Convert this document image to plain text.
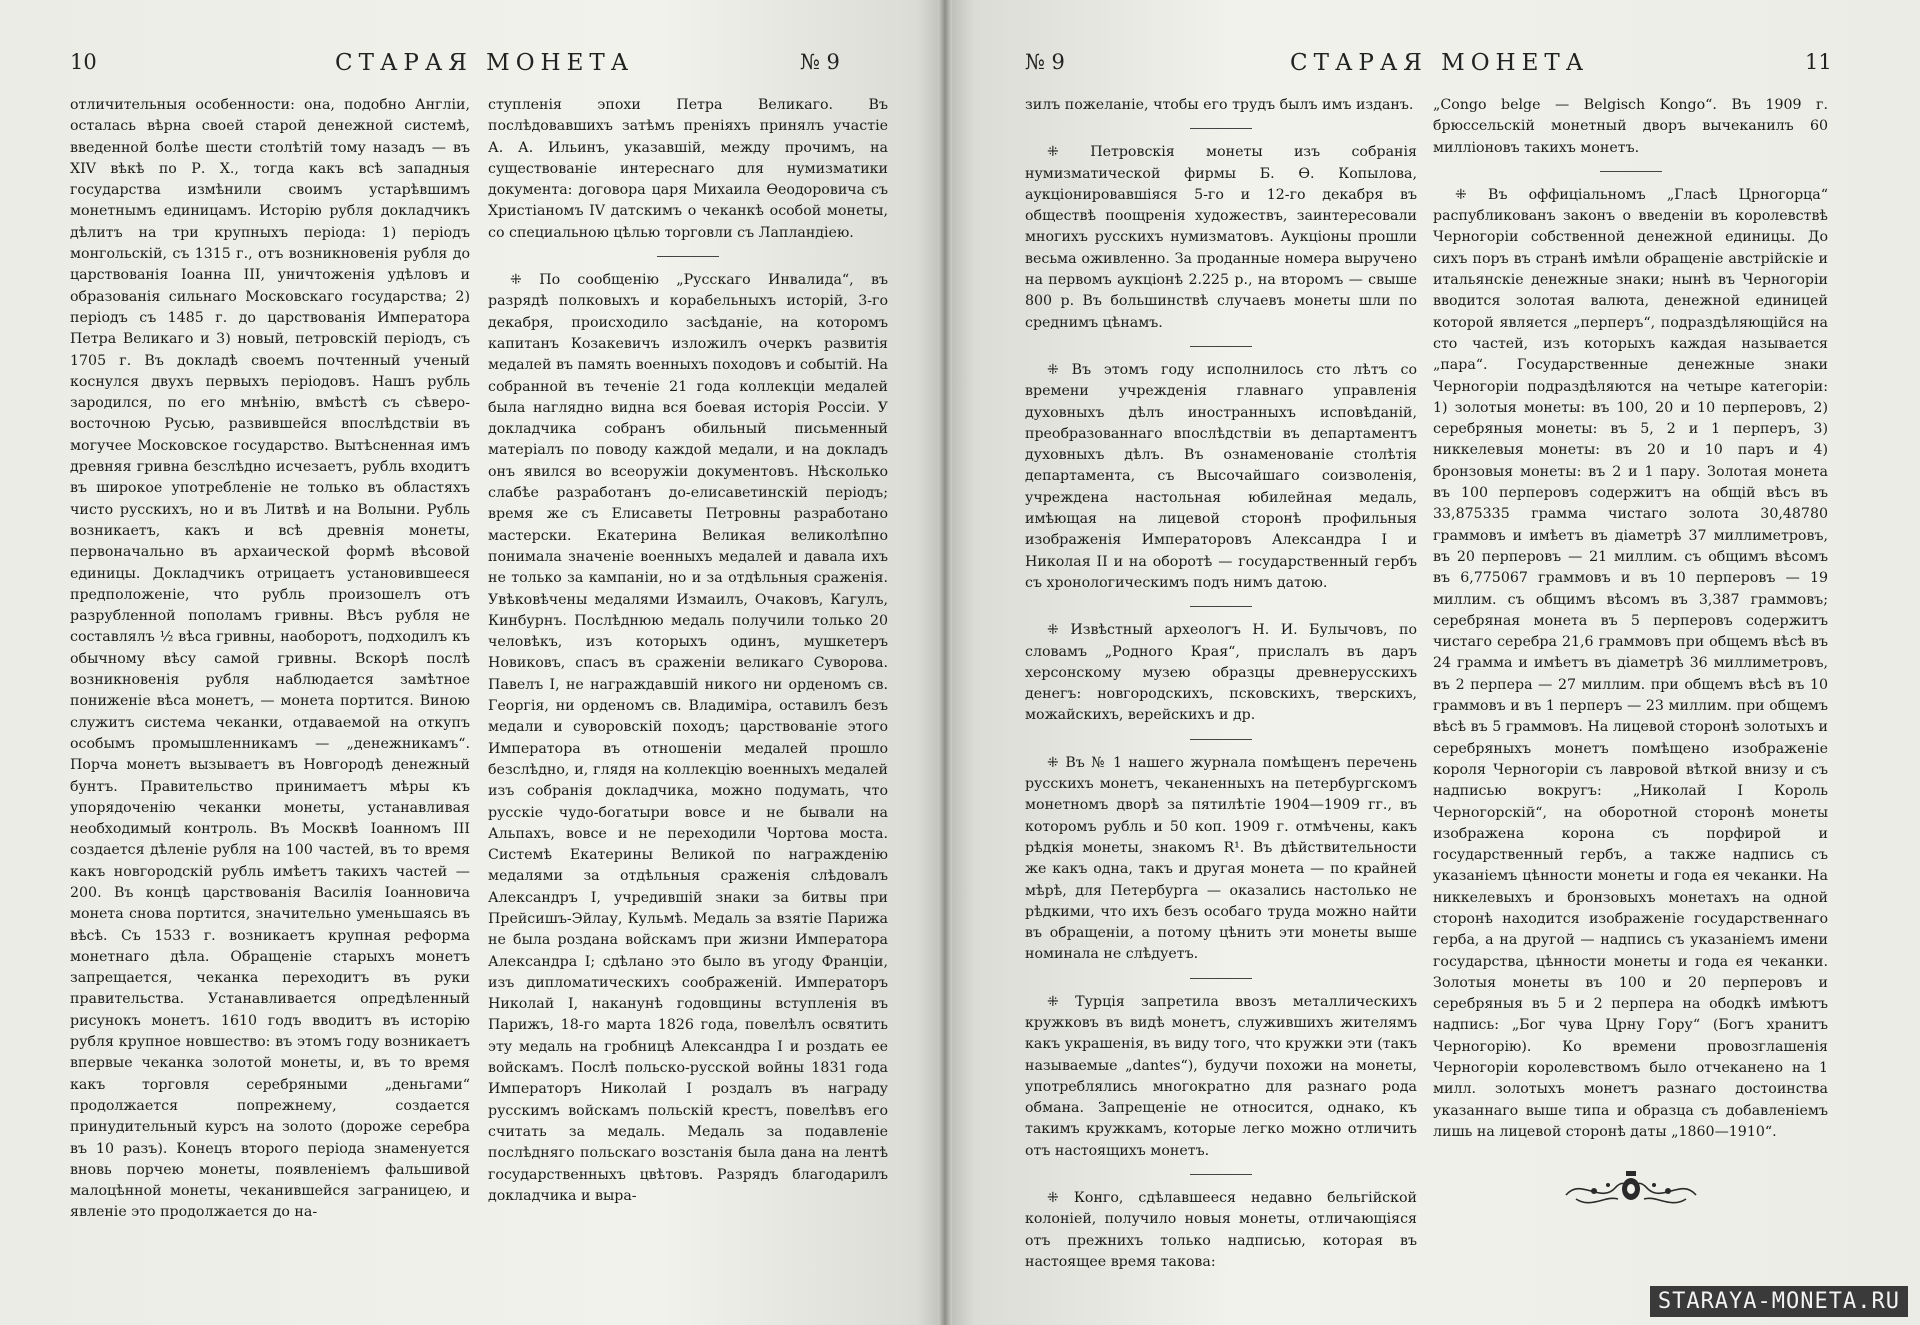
10	СТАРАЯ МОНЕТА	№ 9	№ 9	СТАРАЯ МОНЕТА	11

отличительныя особенности: она, подобно Англіи, осталась вѣрна своей старой денежной системѣ, введенной болѣе шести столѣтій тому назадъ — въ XIV вѣкѣ по Р. Х., тогда какъ всѣ западныя государства измѣнили своимъ устарѣвшимъ монетнымъ единицамъ. Исторію рубля докладчикъ дѣлитъ на три крупныхъ періода: 1) періодъ монгольскій, съ 1315 г., отъ возникновенія рубля до царствованія Іоанна III, уничтоженія удѣловъ и образованія сильнаго Московскаго государства; 2) періодъ съ 1485 г. до царствованія Императора Петра Великаго и 3) новый, петровскій періодъ, съ 1705 г. Въ докладѣ своемъ почтенный ученый коснулся двухъ первыхъ періодовъ. Нашъ рубль зародился, по его мнѣнію, вмѣстѣ съ сѣверо-восточною Русью, развившейся впослѣдствіи въ могучее Московское государство. Вытѣсненная имъ древняя гривна безслѣдно исчезаетъ, рубль входитъ въ широкое употребленіе не только въ областяхъ чисто русскихъ, но и въ Литвѣ и на Волыни. Рубль возникаетъ, какъ и всѣ древнія монеты, первоначально въ архаической формѣ вѣсовой единицы. Докладчикъ отрицаетъ установившееся предположеніе, что рубль произошелъ отъ разрубленной пополамъ гривны. Вѣсъ рубля не составлялъ ½ вѣса гривны, наоборотъ, подходилъ къ обычному вѣсу самой гривны. Вскорѣ послѣ возникновенія рубля наблюдается замѣтное пониженіе вѣса монетъ, — монета портится. Виною служитъ система чеканки, отдаваемой на откупъ особымъ промышленникамъ — „денежникамъ“. Порча монетъ вызываетъ въ Новгородѣ денежный бунтъ. Правительство принимаетъ мѣры къ упорядоченію чеканки монеты, устанавливая необходимый контроль. Въ Москвѣ Іоанномъ III создается дѣленіе рубля на 100 частей, въ то время какъ новгородскій рубль имѣетъ такихъ частей — 200. Въ концѣ царствованія Василія Іоанновича монета снова портится, значительно уменьшаясь въ вѣсѣ. Съ 1533 г. возникаетъ крупная реформа монетнаго дѣла. Обращеніе старыхъ монетъ запрещается, чеканка переходитъ въ руки правительства. Устанавливается опредѣленный рисунокъ монетъ. 1610 годъ вводитъ въ исторію рубля крупное новшество: въ этомъ году возникаетъ впервые чеканка золотой монеты, и, въ то время какъ торговля серебряными „деньгами“ продолжается попрежнему, создается принудительный курсъ на золото (дороже серебра въ 10 разъ). Конецъ второго періода знаменуется вновь порчею монеты, появленіемъ фальшивой малоцѣнной монеты, чеканившейся заграницею, и явленіе это продолжается до на-

ступленія эпохи Петра Великаго. Въ послѣдовавшихъ затѣмъ преніяхъ принялъ участіе А. А. Ильинъ, указавшій, между прочимъ, на существованіе интереснаго для нумизматики документа: договора царя Михаила Ѳеодоровича съ Христіаномъ IV датскимъ о чеканкѣ особой монеты, со специальною цѣлью торговли съ Лапландіею.

⁜ По сообщенію „Русскаго Инвалида“, въ разрядѣ полковыхъ и корабельныхъ исторій, 3-го декабря, происходило засѣданіе, на которомъ капитанъ Козакевичъ изложилъ очеркъ развитія медалей въ память военныхъ походовъ и событій. На собранной въ теченіе 21 года коллекціи медалей была наглядно видна вся боевая исторія Россіи. У докладчика собранъ обильный письменный матеріалъ по поводу каждой медали, и на докладъ онъ явился во всеоружіи документовъ. Нѣсколько слабѣе разработанъ до-елисаветинскій періодъ; время же съ Елисаветы Петровны разработано мастерски. Екатерина Великая великолѣпно понимала значеніе военныхъ медалей и давала ихъ не только за кампаніи, но и за отдѣльныя сраженія. Увѣковѣчены медалями Измаилъ, Очаковъ, Кагулъ, Кинбурнъ. Послѣднюю медаль получили только 20 человѣкъ, изъ которыхъ одинъ, мушкетеръ Новиковъ, спасъ въ сраженіи великаго Суворова. Павелъ I, не награждавшій никого ни орденомъ св. Георгія, ни орденомъ св. Владиміра, оставилъ безъ медали и суворовскій походъ; царствованіе этого Императора въ отношеніи медалей прошло безслѣдно, и, глядя на коллекцію военныхъ медалей изъ собранія докладчика, можно подумать, что русскіе чудо-богатыри вовсе и не бывали на Альпахъ, вовсе и не переходили Чортова моста. Системѣ Екатерины Великой по награжденію медалями за отдѣльныя сраженія слѣдовалъ Александръ I, учредившій знаки за битвы при Прейсишъ-Эйлау, Кульмѣ. Медаль за взятіе Парижа не была роздана войскамъ при жизни Императора Александра I; сдѣлано это было въ угоду Франціи, изъ дипломатическихъ соображеній. Императоръ Николай I, наканунѣ годовщины вступленія въ Парижъ, 18-го марта 1826 года, повелѣлъ освятить эту медаль на гробницѣ Александра I и роздать ее войскамъ. Послѣ польско-русской войны 1831 года Императоръ Николай I роздалъ въ награду русскимъ войскамъ польскій крестъ, повелѣвъ его считать за медаль. Медаль за подавленіе послѣдняго польскаго возстанія была дана на лентѣ государственныхъ цвѣтовъ. Разрядъ благодарилъ докладчика и выра-

зилъ пожеланіе, чтобы его трудъ былъ имъ изданъ.

⁜ Петровскія монеты изъ собранія нумизматической фирмы Б. Ѳ. Копылова, аукціонировавшіяся 5-го и 12-го декабря въ обществѣ поощренія художествъ, заинтересовали многихъ русскихъ нумизматовъ. Аукціоны прошли весьма оживленно. За проданные номера выручено на первомъ аукціонѣ 2.225 р., на второмъ — свыше 800 р. Въ большинствѣ случаевъ монеты шли по среднимъ цѣнамъ.

⁜ Въ этомъ году исполнилось сто лѣтъ со времени учрежденія главнаго управленія духовныхъ дѣлъ иностранныхъ исповѣданій, преобразованнаго впослѣдствіи въ департаментъ духовныхъ дѣлъ. Въ ознаменованіе столѣтія департамента, съ Высочайшаго соизволенія, учреждена настольная юбилейная медаль, имѣющая на лицевой сторонѣ профильныя изображенія Императоровъ Александра I и Николая II и на оборотѣ — государственный гербъ съ хронологическимъ подъ нимъ датою.

⁜ Извѣстный археологъ Н. И. Булычовъ, по словамъ „Родного Края“, прислалъ въ даръ херсонскому музею образцы древнерусскихъ денегъ: новгородскихъ, псковскихъ, тверскихъ, можайскихъ, верейскихъ и др.

⁜ Въ № 1 нашего журнала помѣщенъ перечень русскихъ монетъ, чеканенныхъ на петербургскомъ монетномъ дворѣ за пятилѣтіе 1904—1909 гг., въ которомъ рубль и 50 коп. 1909 г. отмѣчены, какъ рѣдкія монеты, знакомъ R¹. Въ дѣйствительности же какъ одна, такъ и другая монета — по крайней мѣрѣ, для Петербурга — оказались настолько не рѣдкими, что ихъ безъ особаго труда можно найти въ обращеніи, а потому цѣнить эти монеты выше номинала не слѣдуетъ.

⁜ Турція запретила ввозъ металлическихъ кружковъ въ видѣ монетъ, служившихъ жителямъ какъ украшенія, въ виду того, что кружки эти (такъ называемые „dantes“), будучи похожи на монеты, употреблялись многократно для разнаго рода обмана. Запрещеніе не относится, однако, къ такимъ кружкамъ, которые легко можно отличить отъ настоящихъ монетъ.

⁜ Конго, сдѣлавшееся недавно бельгійской колоніей, получило новыя монеты, отличающіяся отъ прежнихъ только надписью, которая въ настоящее время такова:

„Congo belge — Belgisch Kongo“. Въ 1909 г. брюссельскій монетный дворъ вычеканилъ 60 милліоновъ такихъ монетъ.

⁜ Въ оффиціальномъ „Гласѣ Црногорца“ распубликованъ законъ о введеніи въ королевствѣ Черногоріи собственной денежной единицы. До сихъ поръ въ странѣ имѣли обращеніе австрійскіе и итальянскіе денежные знаки; нынѣ въ Черногоріи вводится золотая валюта, денежной единицей которой является „перперъ“, подраздѣляющійся на сто частей, изъ которыхъ каждая называется „пара“. Государственные денежные знаки Черногоріи подраздѣляются на четыре категоріи: 1) золотыя монеты: въ 100, 20 и 10 перперовъ, 2) серебряныя монеты: въ 5, 2 и 1 перперъ, 3) никкелевыя монеты: въ 20 и 10 паръ и 4) бронзовыя монеты: въ 2 и 1 пару. Золотая монета въ 100 перперовъ содержитъ на общій вѣсъ въ 33,875335 грамма чистаго золота 30,48780 граммовъ и имѣетъ въ діаметрѣ 37 миллиметровъ, въ 20 перперовъ — 21 миллим. съ общимъ вѣсомъ въ 6,775067 граммовъ и въ 10 перперовъ — 19 миллим. съ общимъ вѣсомъ въ 3,387 граммовъ; серебряная монета въ 5 перперовъ содержитъ чистаго серебра 21,6 граммовъ при общемъ вѣсѣ въ 24 грамма и имѣетъ въ діаметрѣ 36 миллиметровъ, въ 2 перпера — 27 миллим. при общемъ вѣсѣ въ 10 граммовъ и въ 1 перперъ — 23 миллим. при общемъ вѣсѣ въ 5 граммовъ. На лицевой сторонѣ золотыхъ и серебряныхъ монетъ помѣщено изображеніе короля Черногоріи съ лавровой вѣткой внизу и съ надписью вокругъ: „Николай I Король Черногорскій“, на оборотной сторонѣ монеты изображена корона съ порфирой и государственный гербъ, а также надпись съ указаніемъ цѣнности монеты и года ея чеканки. На никкелевыхъ и бронзовыхъ монетахъ на одной сторонѣ находится изображеніе государственнаго герба, а на другой — надпись съ указаніемъ имени государства, цѣнности монеты и года ея чеканки. Золотыя монеты въ 100 и 20 перперовъ и серебряныя въ 5 и 2 перпера на ободкѣ имѣютъ надпись: „Бог чува Црну Гору“ (Богъ хранитъ Черногорію). Ко времени провозглашенія Черногоріи королевствомъ было отчеканено на 1 милл. золотыхъ монетъ разнаго достоинства указаннаго выше типа и образца съ добавленіемъ лишь на лицевой сторонѣ даты „1860—1910“.

STARAYA-MONETA.RU
